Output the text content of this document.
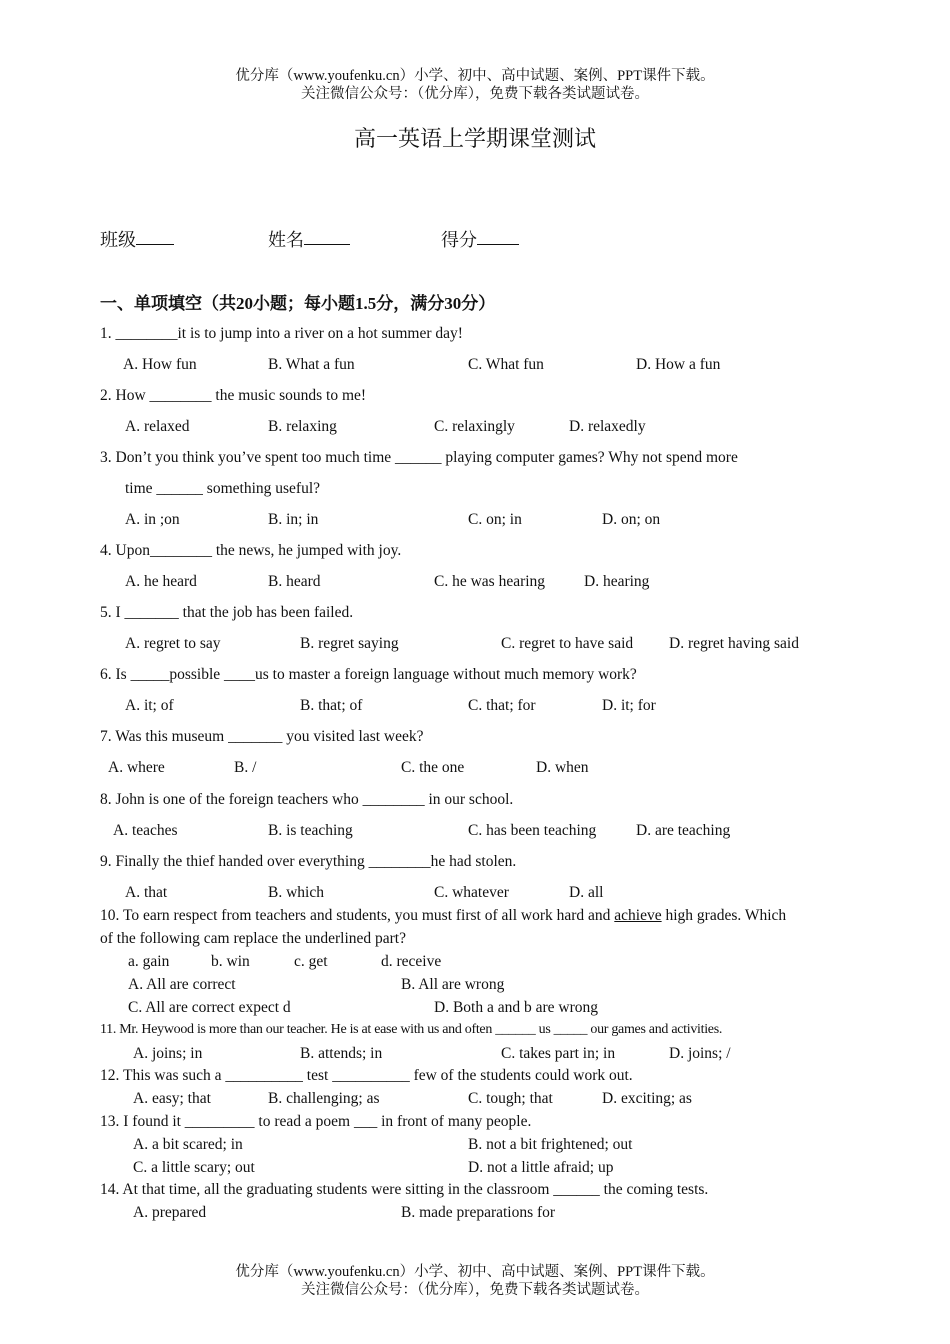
优分库（www.youfenku.cn）小学、初中、高中试题、案例、PPT课件下载。
关注微信公众号：（优分库），免费下载各类试题试卷。
高一英语上学期课堂测试
班级	姓名	得分
一、单项填空（共20小题；每小题1.5分，满分30分）
1. ________it is to jump into a river on a hot summer day!
A. How fun	B. What a fun	C. What fun	D. How a fun
2. How ________ the music sounds to me!
A. relaxed	B. relaxing	C. relaxingly	D. relaxedly
3. Don’t you think you’ve spent too much time ______ playing computer games? Why not spend more
time ______ something useful?
A. in ;on	B. in; in	C. on; in	D. on; on
4. Upon________ the news, he jumped with joy.
A. he heard	B. heard	C. he was hearing	D. hearing
5. I _______ that the job has been failed.
A. regret to say	B. regret saying	C. regret to have said D. regret having said
6. Is _____possible ____us to master a foreign language without much memory work?
A. it; of	B. that; of	C. that; for	D. it; for
7. Was this museum _______ you visited last week?
A. where	B. /	C. the one	D. when
8. John is one of the foreign teachers who ________ in our school.
A. teaches	B. is teaching	C. has been teaching	D. are teaching
9. Finally the thief handed over everything ________he had stolen.
A. that	B. which	C. whatever	D. all
10. To earn respect from teachers and students, you must first of all work hard and achieve high grades. Which
of the following cam replace the underlined part?
a. gain	b. win	c. get	d. receive
A. All are correct	B. All are wrong
C. All are correct expect d	D. Both a and b are wrong
11. Mr. Heywood is more than our teacher. He is at ease with us and often ______ us _____ our games and activities.
A. joins; in	B. attends; in	C. takes part in; in	D. joins; /
12. This was such a __________ test __________ few of the students could work out.
A. easy; that	B. challenging; as	C. tough; that	D. exciting; as
13. I found it _________ to read a poem ___ in front of many people.
A. a bit scared; in	B. not a bit frightened; out
C. a little scary; out	D. not a little afraid; up
14. At that time, all the graduating students were sitting in the classroom ______ the coming tests.
A. prepared	B. made preparations for
优分库（www.youfenku.cn）小学、初中、高中试题、案例、PPT课件下载。
关注微信公众号：（优分库），免费下载各类试题试卷。
